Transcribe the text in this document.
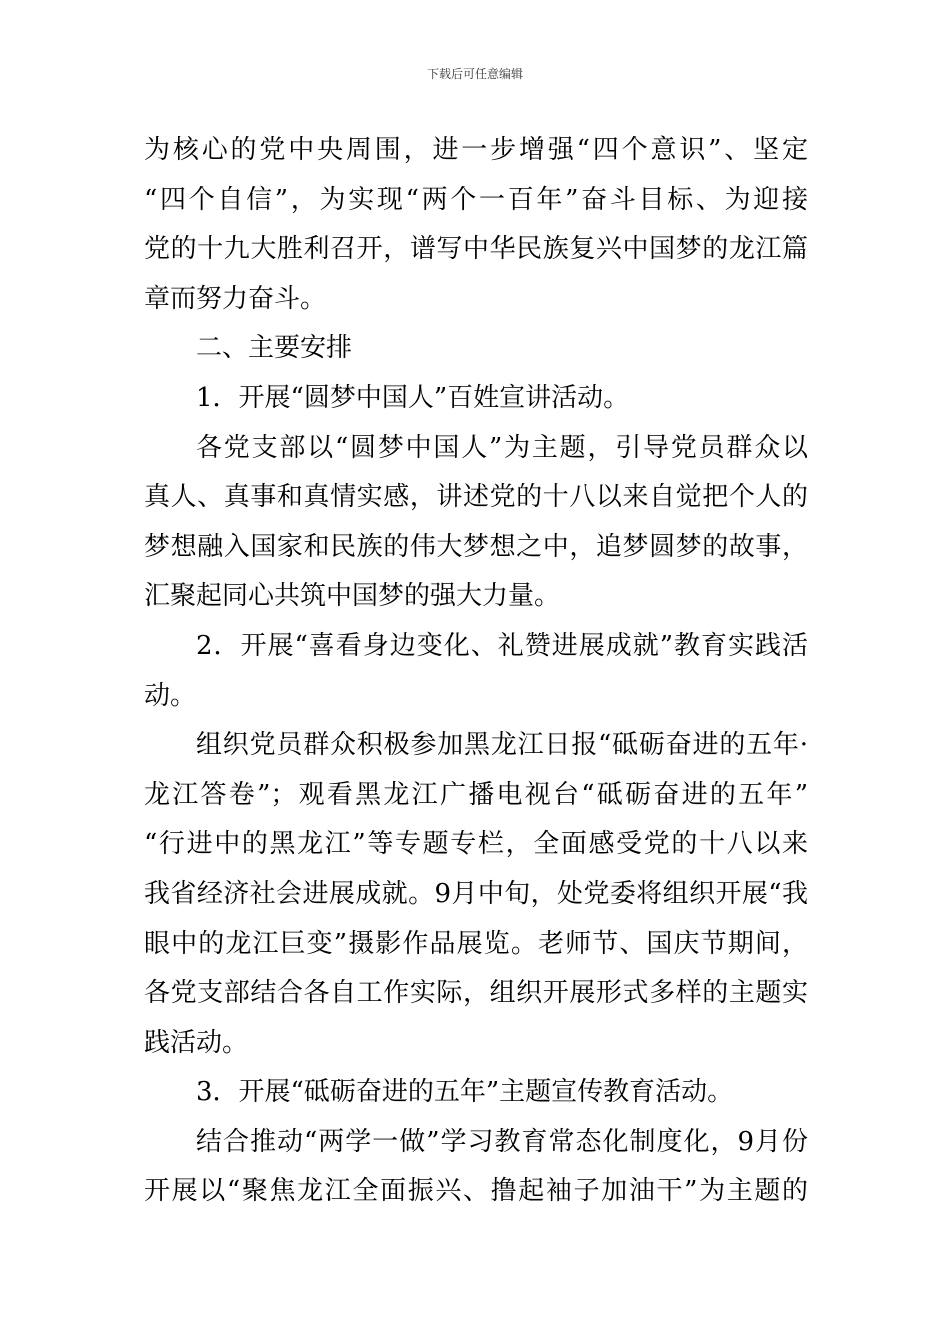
下载后可任意编辑
为核心的党中央周围，进一步增强“四个意识”、坚定
“四个自信”，为实现“两个一百年”奋斗目标、为迎接
党的十九大胜利召开，谱写中华民族复兴中国梦的龙江篇
章而努力奋斗。
二、主要安排
1．开展“圆梦中国人”百姓宣讲活动。
各党支部以“圆梦中国人”为主题，引导党员群众以
真人、真事和真情实感，讲述党的十八以来自觉把个人的
梦想融入国家和民族的伟大梦想之中，追梦圆梦的故事，
汇聚起同心共筑中国梦的强大力量。
2．开展“喜看身边变化、礼赞进展成就”教育实践活
动。
组织党员群众积极参加黑龙江日报“砥砺奋进的五年·
龙江答卷”；观看黑龙江广播电视台“砥砺奋进的五年”
“行进中的黑龙江”等专题专栏，全面感受党的十八以来
我省经济社会进展成就。9月中旬，处党委将组织开展“我
眼中的龙江巨变”摄影作品展览。老师节、国庆节期间，
各党支部结合各自工作实际，组织开展形式多样的主题实
践活动。
3．开展“砥砺奋进的五年”主题宣传教育活动。
结合推动“两学一做”学习教育常态化制度化，9月份
开展以“聚焦龙江全面振兴、撸起袖子加油干”为主题的
